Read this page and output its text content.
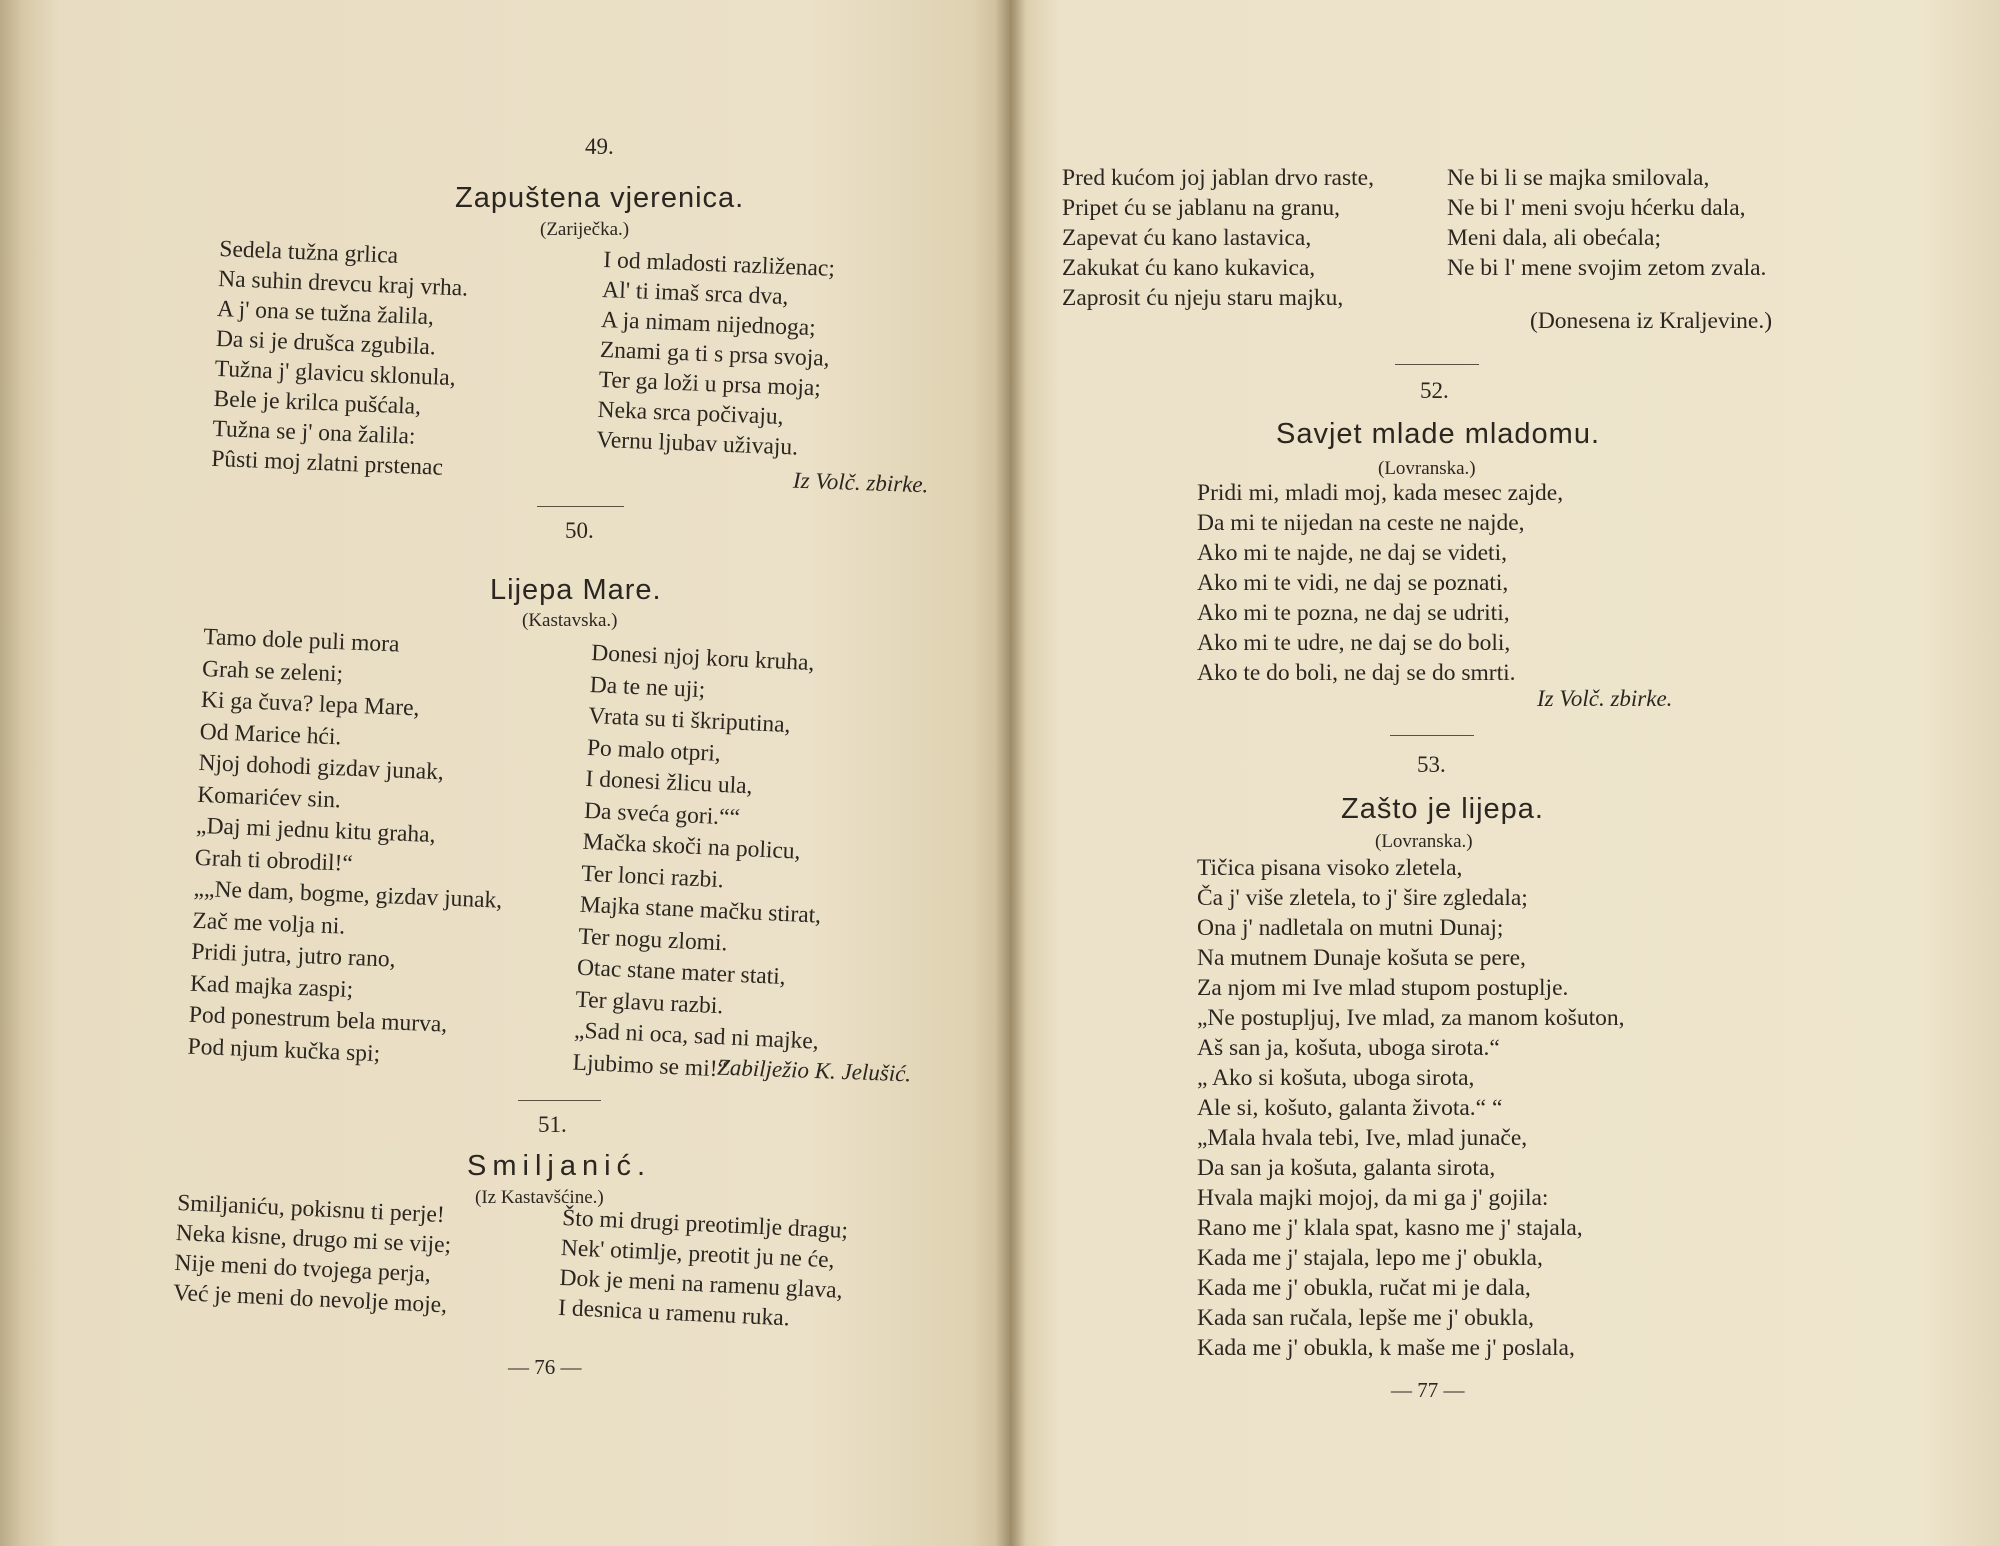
49.
Zapuštena vjerenica.
(Zariječka.)
Sedela tužna grlica
Na suhin drevcu kraj vrha.
A j' ona se tužna žalila,
Da si je drušca zgubila.
Tužna j' glavicu sklonula,
Bele je krilca pušćala,
Tužna se j' ona žalila:
Pûsti moj zlatni prstenac
I od mladosti razliženac;
Al' ti imaš srca dva,
A ja nimam nijednoga;
Znami ga ti s prsa svoja,
Ter ga loži u prsa moja;
Neka srca počivaju,
Vernu ljubav uživaju.
Iz Volč. zbirke.
50.
Lijepa Mare.
(Kastavska.)
Tamo dole puli mora
Grah se zeleni;
Ki ga čuva? lepa Mare,
Od Marice hći.
Njoj dohodi gizdav junak,
Komarićev sin.
„Daj mi jednu kitu graha,
Grah ti obrodil!“
„„Ne dam, bogme, gizdav junak,
Zač me volja ni.
Pridi jutra, jutro rano,
Kad majka zaspi;
Pod ponestrum bela murva,
Pod njum kučka spi;
Donesi njoj koru kruha,
Da te ne uji;
Vrata su ti škriputina,
Po malo otpri,
I donesi žlicu ula,
Da sveća gori.““
Mačka skoči na policu,
Ter lonci razbi.
Majka stane mačku stirat,
Ter nogu zlomi.
Otac stane mater stati,
Ter glavu razbi.
„Sad ni oca, sad ni majke,
Ljubimo se mi!“
Zabilježio K. Jelušić.
51.
Smiljanić.
(Iz Kastavšćine.)
Smiljaniću, pokisnu ti perje!
Neka kisne, drugo mi se vije;
Nije meni do tvojega perja,
Već je meni do nevolje moje,
Što mi drugi preotimlje dragu;
Nek' otimlje, preotit ju ne će,
Dok je meni na ramenu glava,
I desnica u ramenu ruka.
— 76 —
Pred kućom joj jablan drvo raste,
Pripet ću se jablanu na granu,
Zapevat ću kano lastavica,
Zakukat ću kano kukavica,
Zaprosit ću njeju staru majku,
Ne bi li se majka smilovala,
Ne bi l' meni svoju hćerku dala,
Meni dala, ali obećala;
Ne bi l' mene svojim zetom zvala.
(Donesena iz Kraljevine.)
52.
Savjet mlade mladomu.
(Lovranska.)
Pridi mi, mladi moj, kada mesec zajde,
Da mi te nijedan na ceste ne najde,
Ako mi te najde, ne daj se videti,
Ako mi te vidi, ne daj se poznati,
Ako mi te pozna, ne daj se udriti,
Ako mi te udre, ne daj se do boli,
Ako te do boli, ne daj se do smrti.
Iz Volč. zbirke.
53.
Zašto je lijepa.
(Lovranska.)
Tičica pisana visoko zletela,
Ča j' više zletela, to j' šire zgledala;
Ona j' nadletala on mutni Dunaj;
Na mutnem Dunaje košuta se pere,
Za njom mi Ive mlad stupom postuplje.
„Ne postupljuj, Ive mlad, za manom košuton,
Aš san ja, košuta, uboga sirota.“
„ Ako si košuta, uboga sirota,
Ale si, košuto, galanta životа.“ “
„Mala hvala tebi, Ive, mlad junače,
Da san ja košuta, galanta sirota,
Hvala majki mojoj, da mi ga j' gojila:
Rano me j' klala spat, kasno me j' stajala,
Kada me j' stajala, lepo me j' obukla,
Kada me j' obukla, ručat mi je dala,
Kada san ručala, lepše me j' obukla,
Kada me j' obukla, k maše me j' poslala,
— 77 —
